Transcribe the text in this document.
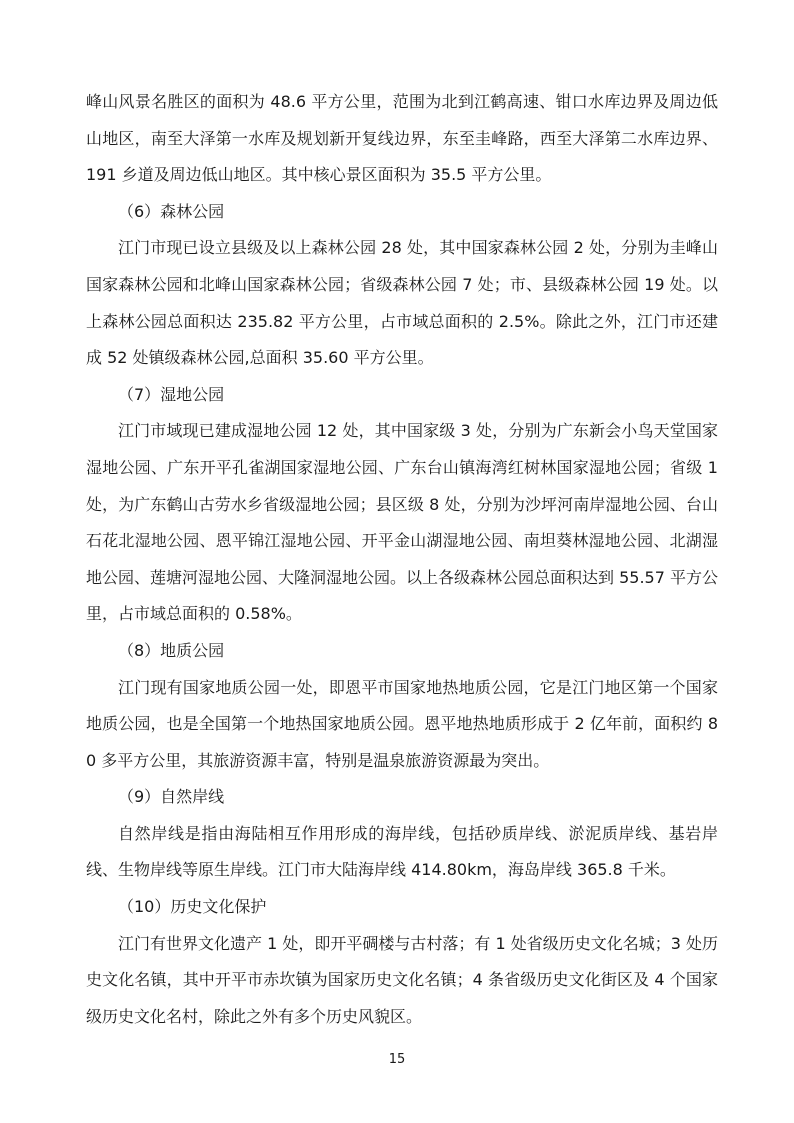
峰山风景名胜区的面积为 48.6 平方公里，范围为北到江鹤高速、钳口水库边界及周边低山地区，南至大泽第一水库及规划新开复线边界，东至圭峰路，西至大泽第二水库边界、191 乡道及周边低山地区。其中核心景区面积为 35.5 平方公里。

（6）森林公园

江门市现已设立县级及以上森林公园 28 处，其中国家森林公园 2 处，分别为圭峰山国家森林公园和北峰山国家森林公园；省级森林公园 7 处；市、县级森林公园 19 处。以上森林公园总面积达 235.82 平方公里，占市域总面积的 2.5%。除此之外，江门市还建成 52 处镇级森林公园,总面积 35.60 平方公里。

（7）湿地公园

江门市域现已建成湿地公园 12 处，其中国家级 3 处，分别为广东新会小鸟天堂国家湿地公园、广东开平孔雀湖国家湿地公园、广东台山镇海湾红树林国家湿地公园；省级 1 处，为广东鹤山古劳水乡省级湿地公园；县区级 8 处，分别为沙坪河南岸湿地公园、台山石花北湿地公园、恩平锦江湿地公园、开平金山湖湿地公园、南坦葵林湿地公园、北湖湿地公园、莲塘河湿地公园、大隆洞湿地公园。以上各级森林公园总面积达到 55.57 平方公里，占市域总面积的 0.58%。

（8）地质公园

江门现有国家地质公园一处，即恩平市国家地热地质公园，它是江门地区第一个国家地质公园，也是全国第一个地热国家地质公园。恩平地热地质形成于 2 亿年前，面积约 80 多平方公里，其旅游资源丰富，特别是温泉旅游资源最为突出。

（9）自然岸线

自然岸线是指由海陆相互作用形成的海岸线，包括砂质岸线、淤泥质岸线、基岩岸线、生物岸线等原生岸线。江门市大陆海岸线 414.80km，海岛岸线 365.8 千米。

（10）历史文化保护

江门有世界文化遗产 1 处，即开平碉楼与古村落；有 1 处省级历史文化名城；3 处历史文化名镇，其中开平市赤坎镇为国家历史文化名镇；4 条省级历史文化街区及 4 个国家级历史文化名村，除此之外有多个历史风貌区。

15
